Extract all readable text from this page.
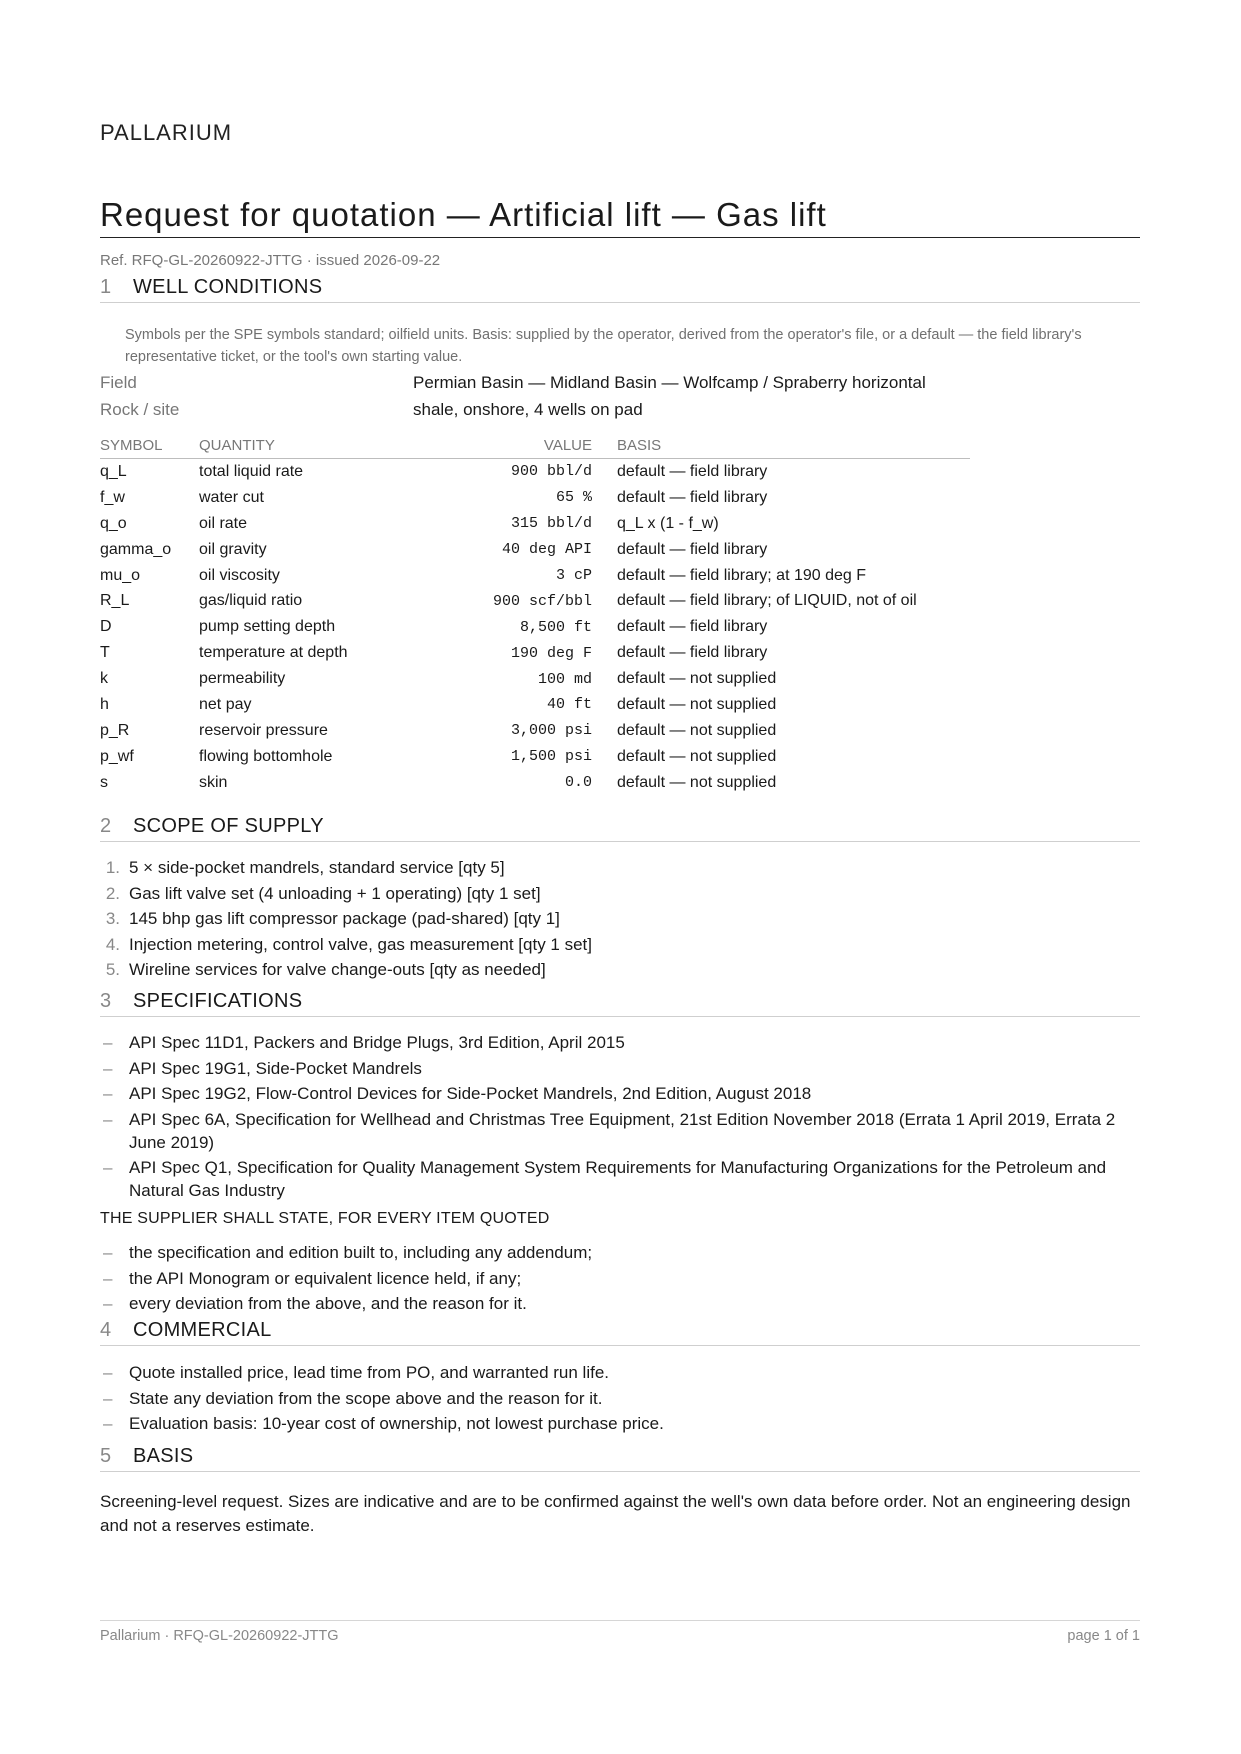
PALLARIUM
Request for quotation — Artificial lift — Gas lift
Ref. RFQ-GL-20260922-JTTG · issued 2026-09-22
1 WELL CONDITIONS
Symbols per the SPE symbols standard; oilfield units. Basis: supplied by the operator, derived from the operator's file, or a default — the field library's representative ticket, or the tool's own starting value.
Field	Permian Basin — Midland Basin — Wolfcamp / Spraberry horizontal
Rock / site	shale, onshore, 4 wells on pad
SYMBOL	QUANTITY	VALUE	BASIS
q_L	total liquid rate	900 bbl/d	default — field library
f_w	water cut	65 %	default — field library
q_o	oil rate	315 bbl/d	q_L x (1 - f_w)
gamma_o	oil gravity	40 deg API	default — field library
mu_o	oil viscosity	3 cP	default — field library; at 190 deg F
R_L	gas/liquid ratio	900 scf/bbl	default — field library; of LIQUID, not of oil
D	pump setting depth	8,500 ft	default — field library
T	temperature at depth	190 deg F	default — field library
k	permeability	100 md	default — not supplied
h	net pay	40 ft	default — not supplied
p_R	reservoir pressure	3,000 psi	default — not supplied
p_wf	flowing bottomhole	1,500 psi	default — not supplied
s	skin	0.0	default — not supplied
2 SCOPE OF SUPPLY
1. 5 × side-pocket mandrels, standard service [qty 5]
2. Gas lift valve set (4 unloading + 1 operating) [qty 1 set]
3. 145 bhp gas lift compressor package (pad-shared) [qty 1]
4. Injection metering, control valve, gas measurement [qty 1 set]
5. Wireline services for valve change-outs [qty as needed]
3 SPECIFICATIONS
– API Spec 11D1, Packers and Bridge Plugs, 3rd Edition, April 2015
– API Spec 19G1, Side-Pocket Mandrels
– API Spec 19G2, Flow-Control Devices for Side-Pocket Mandrels, 2nd Edition, August 2018
– API Spec 6A, Specification for Wellhead and Christmas Tree Equipment, 21st Edition November 2018 (Errata 1 April 2019, Errata 2 June 2019)
– API Spec Q1, Specification for Quality Management System Requirements for Manufacturing Organizations for the Petroleum and Natural Gas Industry
THE SUPPLIER SHALL STATE, FOR EVERY ITEM QUOTED
– the specification and edition built to, including any addendum;
– the API Monogram or equivalent licence held, if any;
– every deviation from the above, and the reason for it.
4 COMMERCIAL
– Quote installed price, lead time from PO, and warranted run life.
– State any deviation from the scope above and the reason for it.
– Evaluation basis: 10-year cost of ownership, not lowest purchase price.
5 BASIS
Screening-level request. Sizes are indicative and are to be confirmed against the well's own data before order. Not an engineering design and not a reserves estimate.
Pallarium · RFQ-GL-20260922-JTTG	page 1 of 1
